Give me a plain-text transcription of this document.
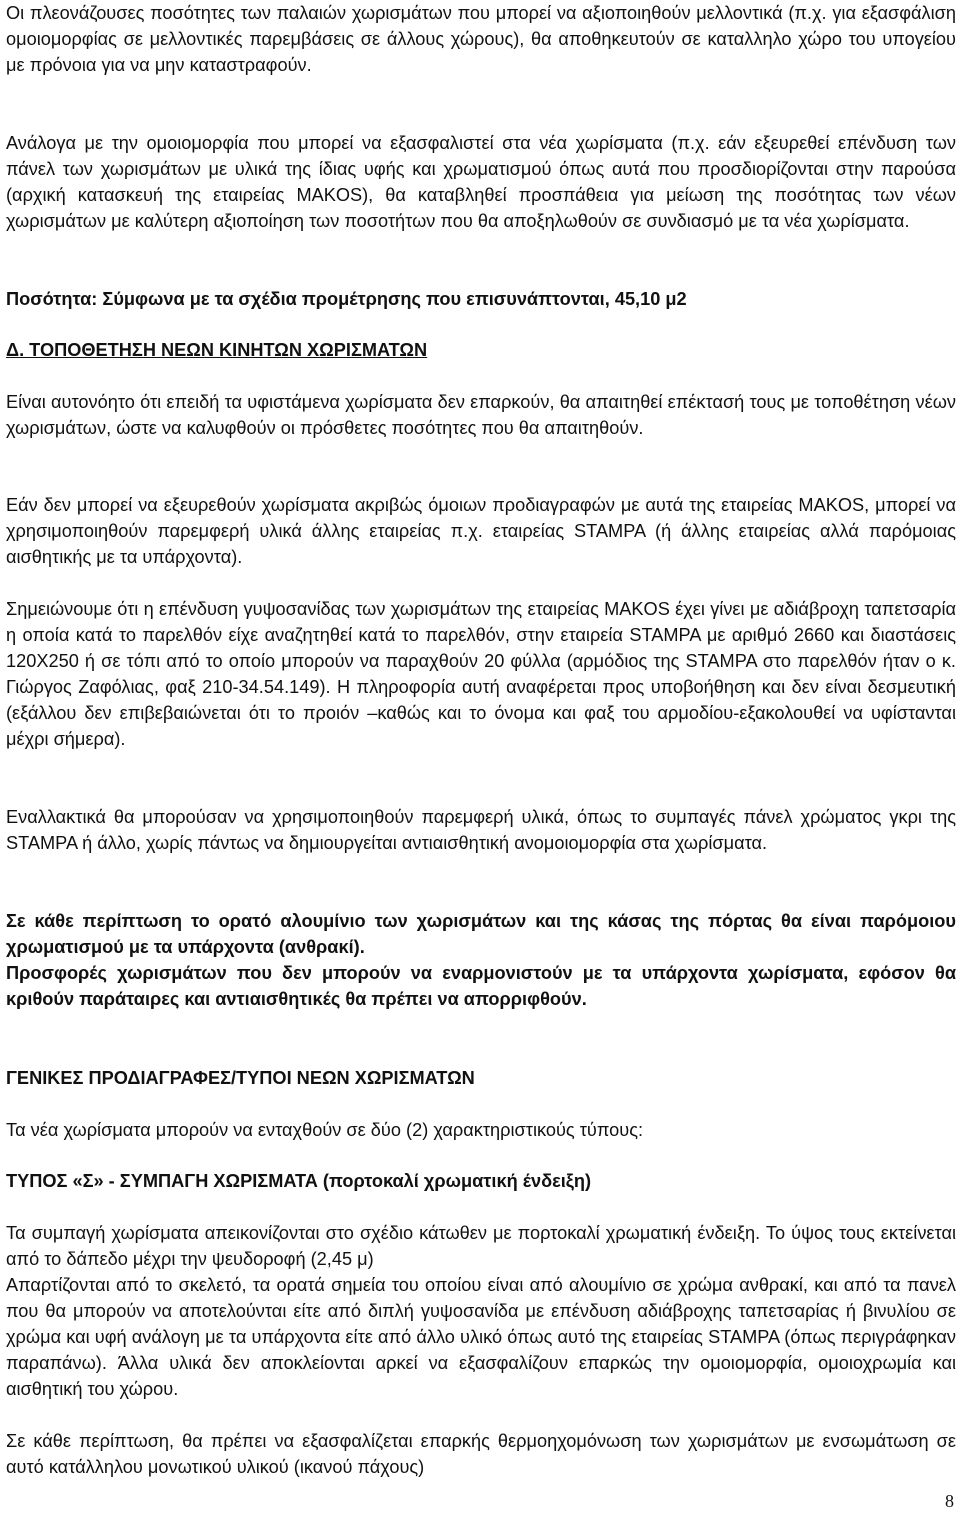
Οι πλεονάζουσες ποσότητες των παλαιών χωρισμάτων που μπορεί να αξιοποιηθούν μελλοντικά (π.χ. για εξασφάλιση ομοιομορφίας σε μελλοντικές παρεμβάσεις σε άλλους χώρους), θα αποθηκευτούν σε καταλληλο χώρο του υπογείου με πρόνοια για να μην καταστραφούν.

Ανάλογα με την ομοιομορφία που μπορεί να εξασφαλιστεί στα νέα χωρίσματα (π.χ. εάν εξευρεθεί επένδυση των πάνελ των χωρισμάτων με υλικά της ίδιας υφής και χρωματισμού όπως αυτά που προσδιορίζονται στην παρούσα (αρχική κατασκευή της εταιρείας MAKOS), θα καταβληθεί προσπάθεια για μείωση της ποσότητας των νέων χωρισμάτων με καλύτερη αξιοποίηση των ποσοτήτων που θα αποξηλωθούν σε συνδιασμό με τα νέα χωρίσματα.

Ποσότητα: Σύμφωνα με τα σχέδια προμέτρησης που επισυνάπτονται, 45,10 μ2

Δ. ΤΟΠΟΘΕΤΗΣΗ ΝΕΩΝ ΚΙΝΗΤΩΝ ΧΩΡΙΣΜΑΤΩΝ

Είναι αυτονόητο ότι επειδή τα υφιστάμενα χωρίσματα δεν επαρκούν, θα απαιτηθεί επέκτασή τους με τοποθέτηση νέων χωρισμάτων, ώστε να καλυφθούν οι πρόσθετες ποσότητες που θα απαιτηθούν.

Εάν δεν μπορεί να εξευρεθούν χωρίσματα ακριβώς όμοιων προδιαγραφών με αυτά της εταιρείας MAKOS, μπορεί να χρησιμοποιηθούν παρεμφερή υλικά άλλης εταιρείας π.χ. εταιρείας STAMPA (ή άλλης εταιρείας αλλά παρόμοιας αισθητικής με τα υπάρχοντα).

Σημειώνουμε ότι η επένδυση γυψοσανίδας των χωρισμάτων της εταιρείας MAKOS έχει γίνει με αδιάβροχη ταπετσαρία η οποία κατά το παρελθόν είχε αναζητηθεί κατά το παρελθόν, στην εταιρεία STAMPA με αριθμό 2660 και διαστάσεις 120Χ250 ή σε τόπι από το οποίο μπορούν να παραχθούν 20 φύλλα (αρμόδιος της STAMPA στο παρελθόν ήταν ο κ. Γιώργος Ζαφόλιας, φαξ 210-34.54.149). Η πληροφορία αυτή αναφέρεται προς υποβοήθηση και δεν είναι δεσμευτική (εξάλλου δεν επιβεβαιώνεται ότι το προιόν –καθώς και το όνομα και φαξ του αρμοδίου-εξακολουθεί να υφίστανται μέχρι σήμερα).

Εναλλακτικά θα μπορούσαν να χρησιμοποιηθούν παρεμφερή υλικά, όπως το συμπαγές πάνελ χρώματος γκρι της STAMPA ή άλλο, χωρίς πάντως να δημιουργείται αντιαισθητική ανομοιομορφία στα χωρίσματα.

Σε κάθε περίπτωση το ορατό αλουμίνιο των χωρισμάτων και της κάσας της πόρτας θα είναι παρόμοιου χρωματισμού με τα υπάρχοντα (ανθρακί).

Προσφορές χωρισμάτων που δεν μπορούν να εναρμονιστούν με τα υπάρχοντα χωρίσματα, εφόσον θα κριθούν παράταιρες και αντιαισθητικές θα πρέπει να απορριφθούν.

ΓΕΝΙΚΕΣ ΠΡΟΔΙΑΓΡΑΦΕΣ/ΤΥΠΟΙ ΝΕΩΝ ΧΩΡΙΣΜΑΤΩΝ

Τα νέα χωρίσματα μπορούν να ενταχθούν σε δύο (2) χαρακτηριστικούς τύπους:

ΤΥΠΟΣ «Σ» - ΣΥΜΠΑΓΗ ΧΩΡΙΣΜΑΤΑ (πορτοκαλί χρωματική ένδειξη)

Τα συμπαγή χωρίσματα απεικονίζονται στο σχέδιο κάτωθεν με πορτοκαλί χρωματική ένδειξη. Το ύψος τους εκτείνεται από το δάπεδο μέχρι την ψευδοροφή (2,45 μ)

Απαρτίζονται από το σκελετό, τα ορατά σημεία του οποίου είναι από αλουμίνιο σε χρώμα ανθρακί, και από τα πανελ που θα μπορούν να αποτελούνται είτε από διπλή γυψοσανίδα με επένδυση αδιάβροχης ταπετσαρίας ή βινυλίου σε χρώμα και υφή ανάλογη με τα υπάρχοντα είτε από άλλο υλικό όπως αυτό της εταιρείας STAMPA (όπως περιγράφηκαν παραπάνω). Άλλα υλικά δεν αποκλείονται αρκεί να εξασφαλίζουν επαρκώς την ομοιομορφία, ομοιοχρωμία και αισθητική του χώρου.

Σε κάθε περίπτωση, θα πρέπει να εξασφαλίζεται επαρκής θερμοηχομόνωση των χωρισμάτων με ενσωμάτωση σε αυτό κατάλληλου μονωτικού υλικού (ικανού πάχους)

8
